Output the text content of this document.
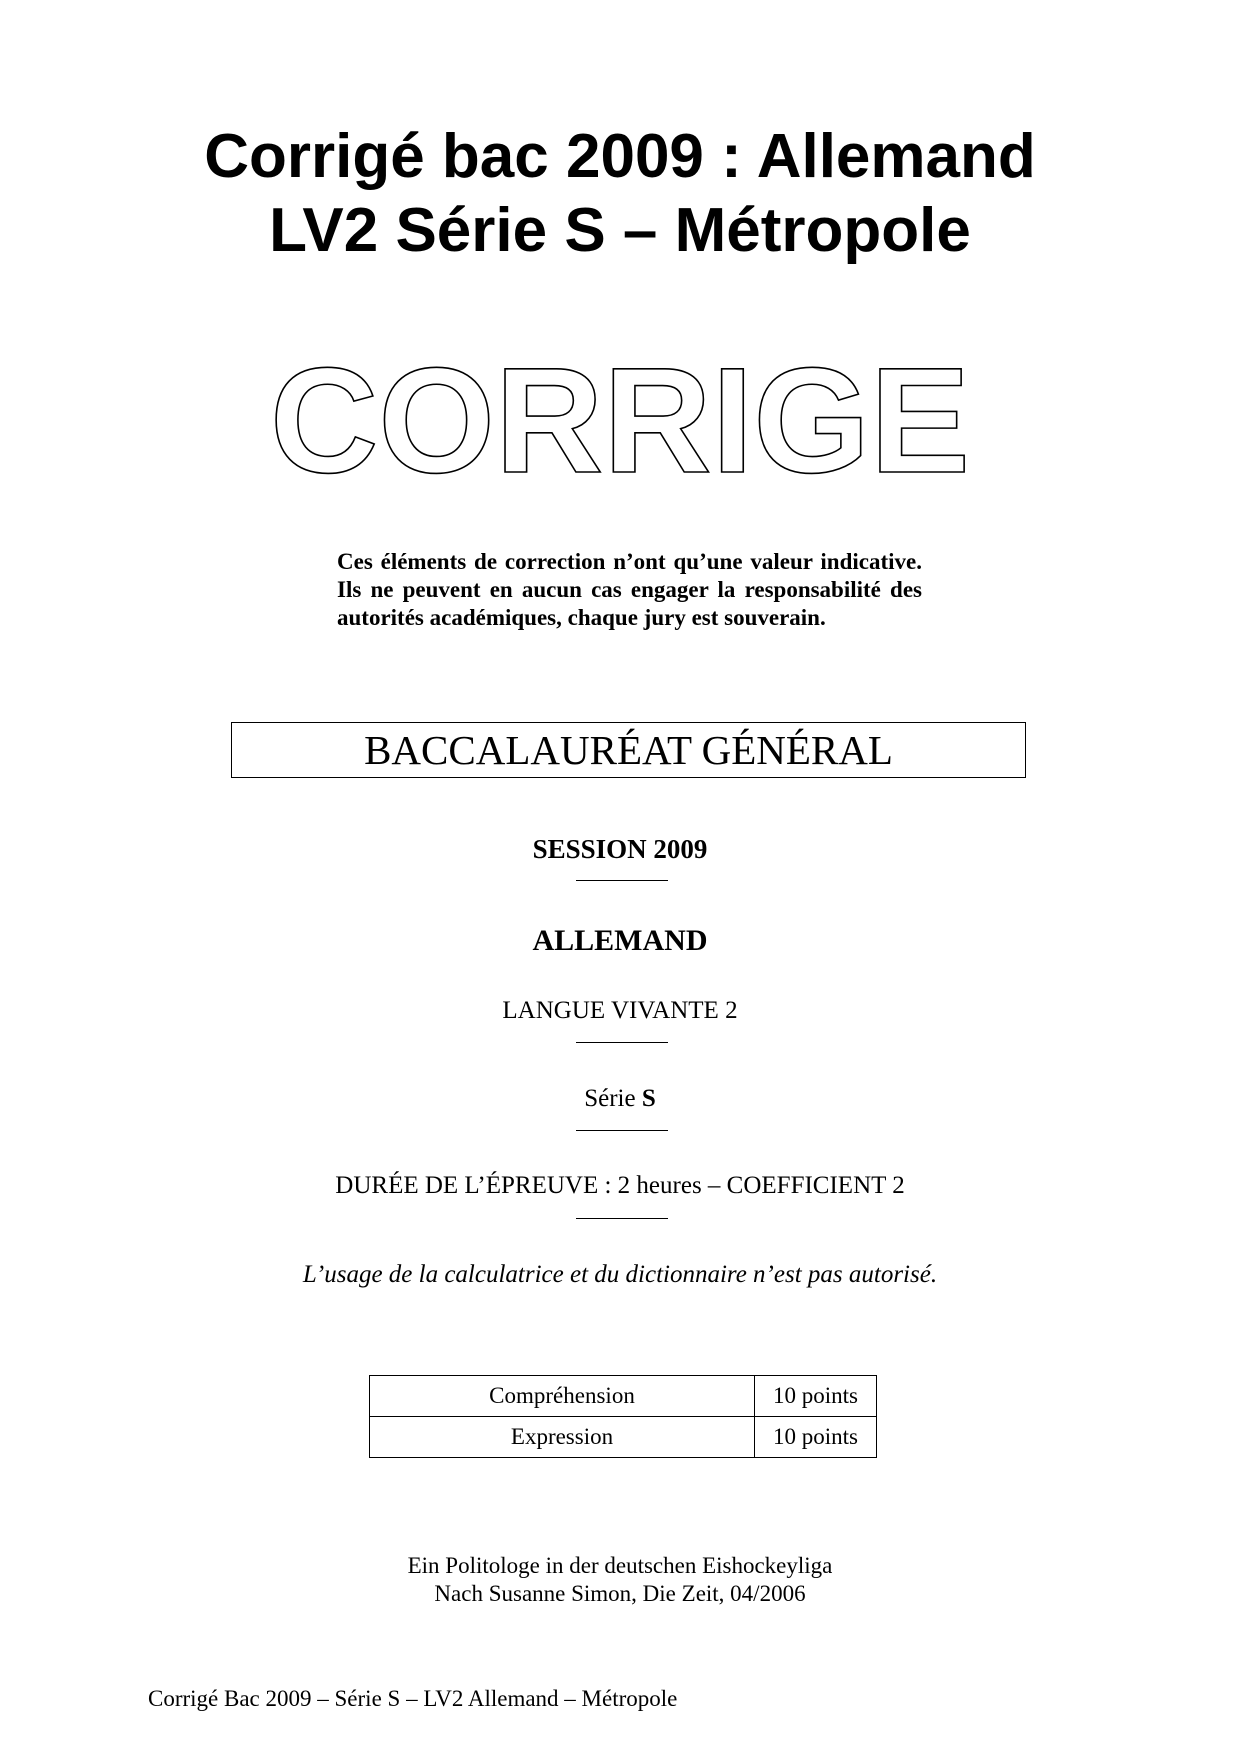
Corrigé bac 2009 : Allemand
LV2 Série S – Métropole
CORRIGE
Ces éléments de correction n’ont qu’une valeur indicative. Ils ne peuvent en aucun cas engager la responsabilité des autorités académiques, chaque jury est souverain.
BACCALAURÉAT GÉNÉRAL
SESSION 2009
ALLEMAND
LANGUE VIVANTE 2
Série S
DURÉE DE L’ÉPREUVE : 2 heures – COEFFICIENT 2
L’usage de la calculatrice et du dictionnaire n’est pas autorisé.
Compréhension	10 points
Expression	10 points
Ein Politologe in der deutschen Eishockeyliga
Nach Susanne Simon, Die Zeit, 04/2006
Corrigé Bac 2009 – Série S – LV2 Allemand – Métropole
